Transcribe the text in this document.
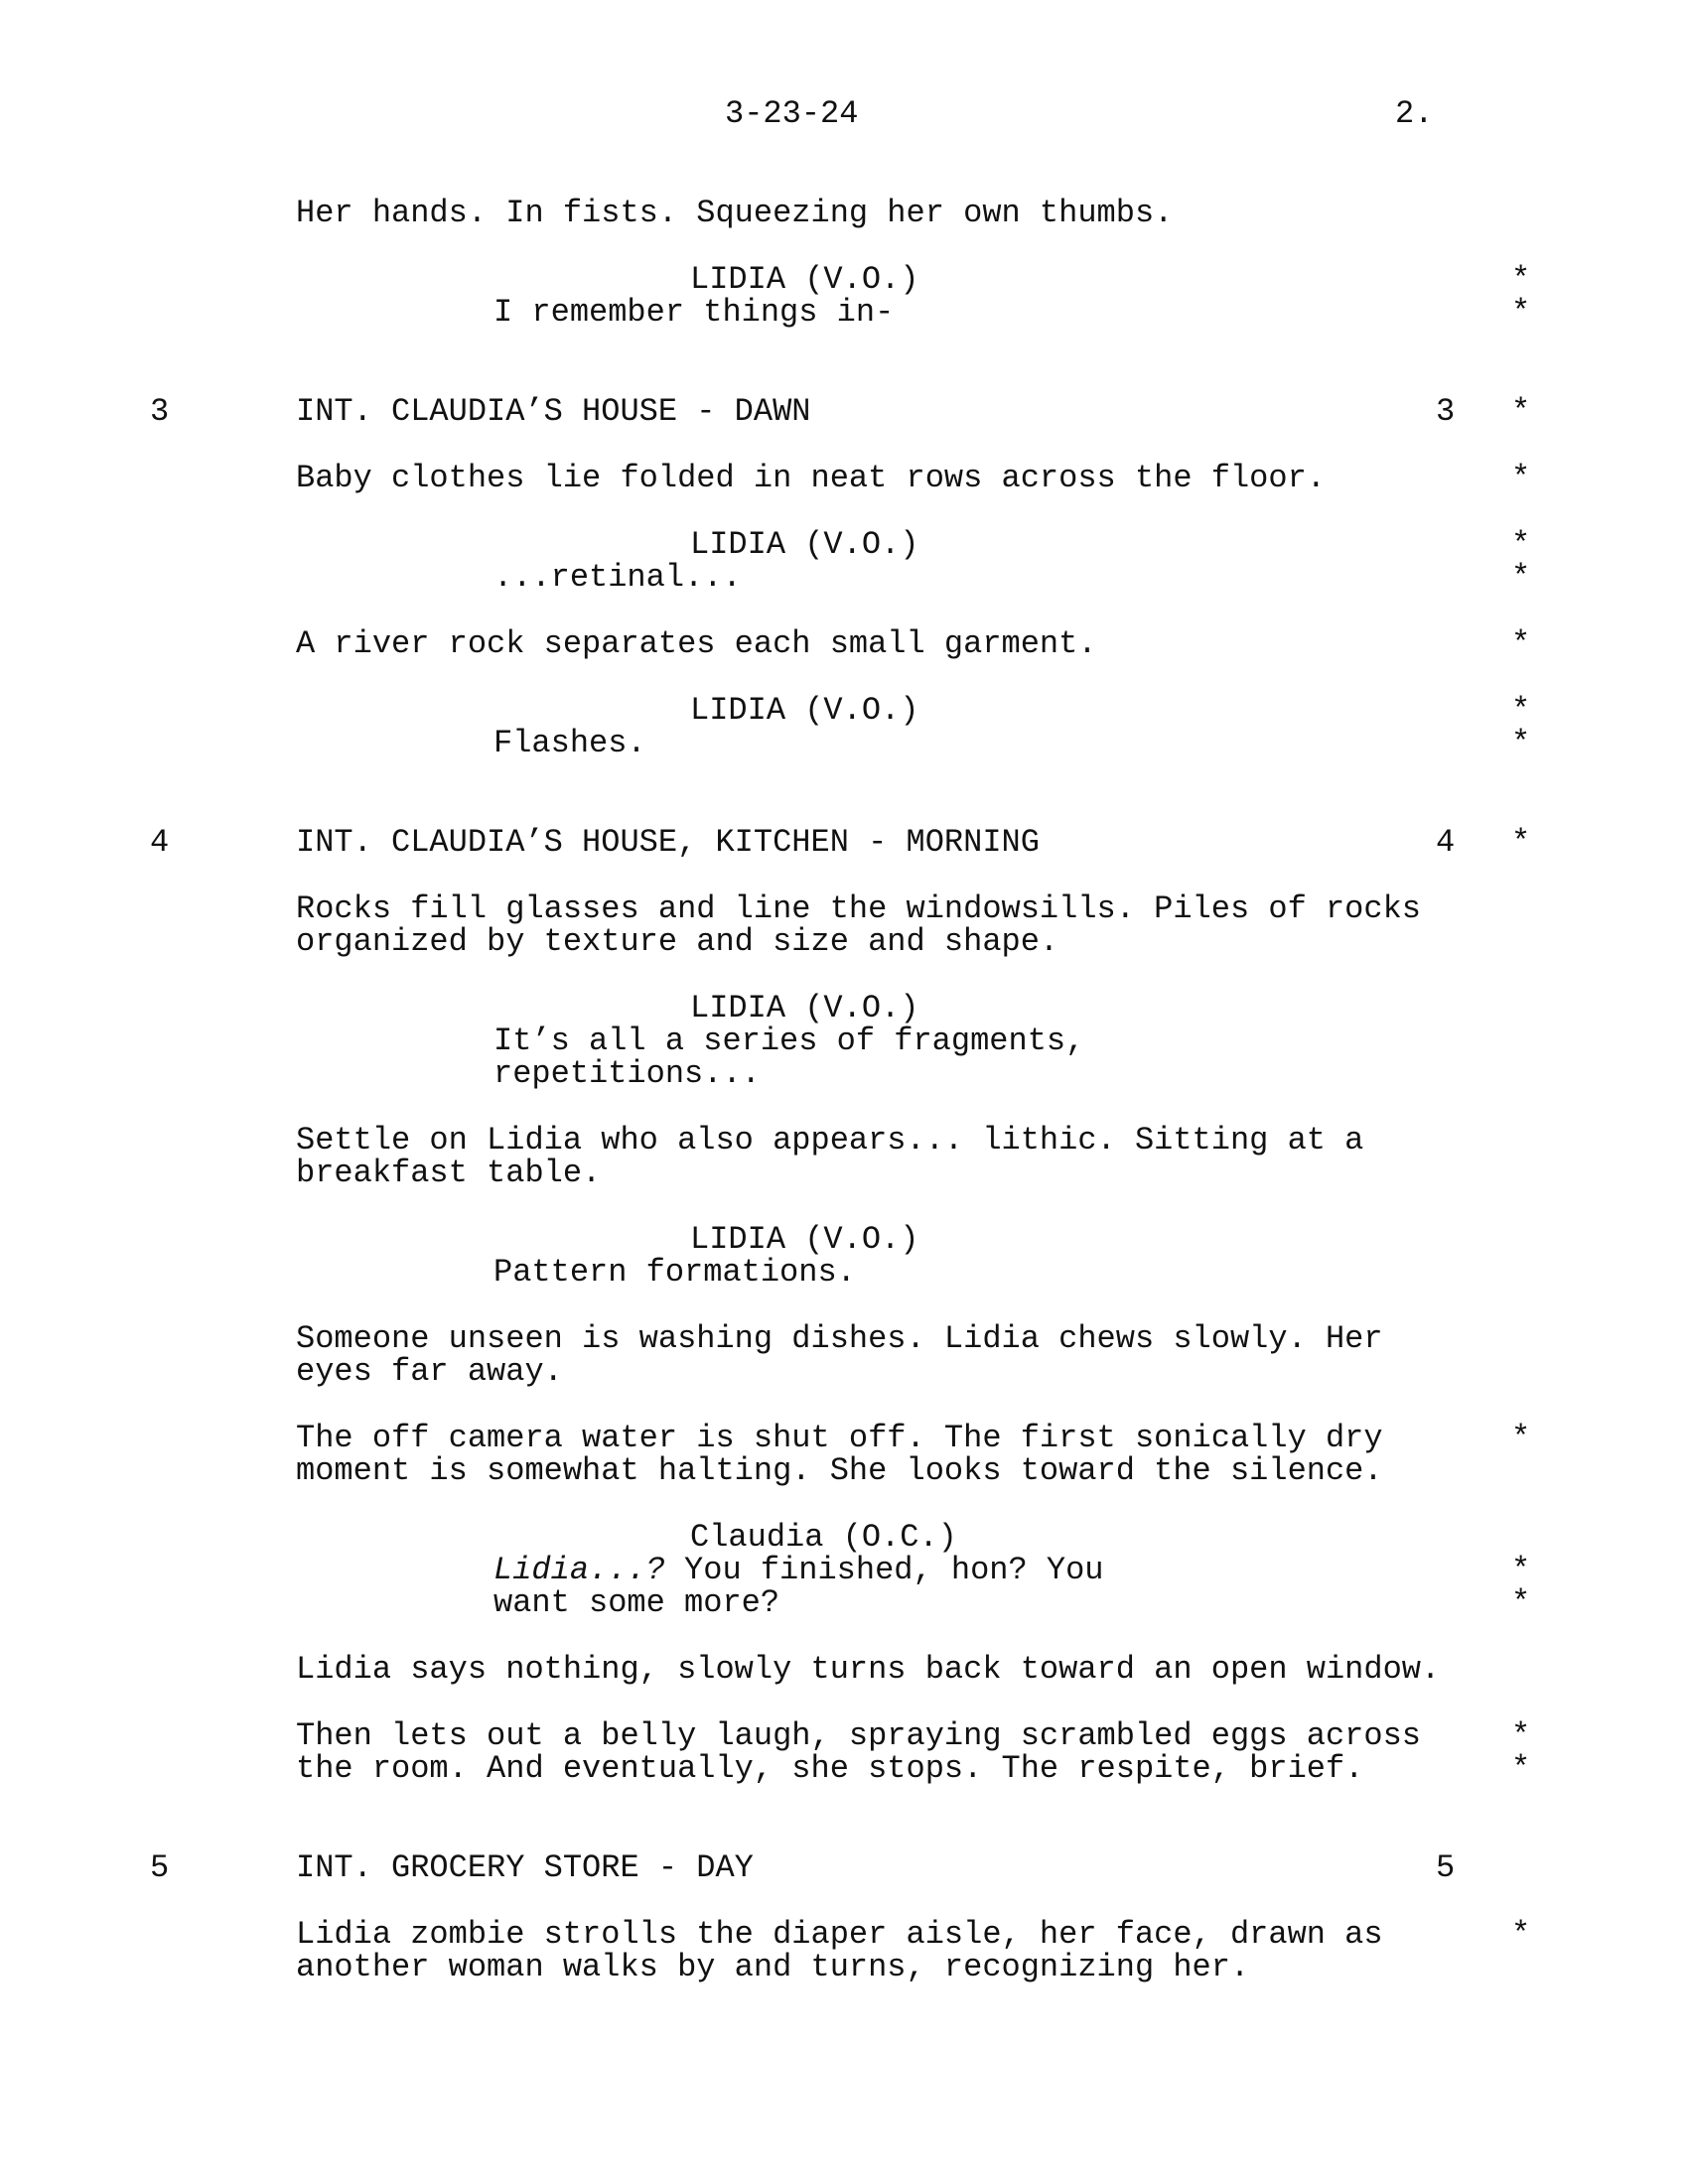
3-23-24	2.
Her hands. In fists. Squeezing her own thumbs.
LIDIA (V.O.)
I remember things in-
*
*
3	INT. CLAUDIA’S HOUSE - DAWN	3 *
Baby clothes lie folded in neat rows across the floor.	*
LIDIA (V.O.)
...retinal...
*
*
A river rock separates each small garment.	*
LIDIA (V.O.)
Flashes.
*
*
4	INT. CLAUDIA’S HOUSE, KITCHEN - MORNING	4 *
Rocks fill glasses and line the windowsills. Piles of rocks
organized by texture and size and shape.
LIDIA (V.O.)
It’s all a series of fragments,
repetitions...
Settle on Lidia who also appears... lithic. Sitting at a
breakfast table.
LIDIA (V.O.)
Pattern formations.
Someone unseen is washing dishes. Lidia chews slowly. Her
eyes far away.
The off camera water is shut off. The first sonically dry
moment is somewhat halting. She looks toward the silence.
*
Claudia (O.C.)
Lidia...? You finished, hon? You
want some more?
*
*
Lidia says nothing, slowly turns back toward an open window.
Then lets out a belly laugh, spraying scrambled eggs across
the room. And eventually, she stops. The respite, brief.
*
*
5	INT. GROCERY STORE - DAY	5
Lidia zombie strolls the diaper aisle, her face, drawn as
another woman walks by and turns, recognizing her.
*
